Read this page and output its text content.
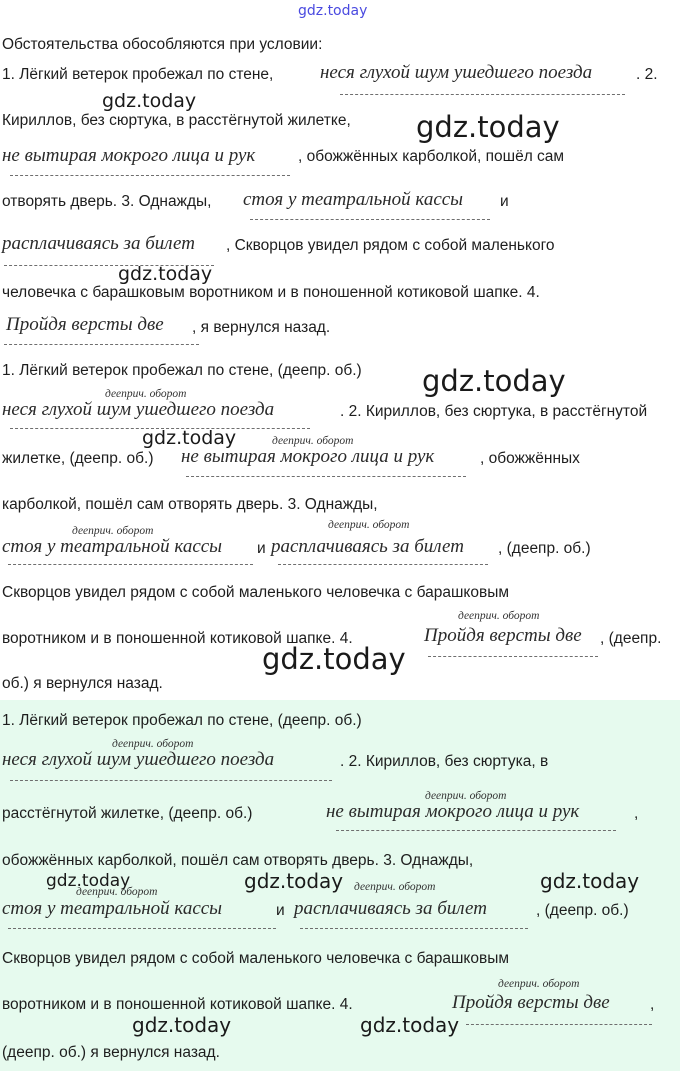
gdz.today
Обстоятельства обособляются при условии:
1. Лёгкий ветерок пробежал по стене, неся глухой шум ушедшего поезда	. 2.
gdz.today
Кириллов, без сюртука, в расстёгнутой жилетке, gdz.today
не вытирая мокрого лица и рук	, обожжённых карболкой, пошёл сам
отворять дверь. 3. Однажды, стоя у театральной кассы и
расплачиваясь за билет , Скворцов увидел рядом с собой маленького
gdz.today
человечка с барашковым воротником и в поношенной котиковой шапке. 4.
Пройдя версты две , я вернулся назад.
1. Лёгкий ветерок пробежал по стене, (деепр. об.) gdz.today
дееприч. оборот
неся глухой шум ушедшего поезда	. 2. Кириллов, без сюртука, в расстёгнутой
gdz.today	дееприч. оборот
жилетке, (деепр. об.) не вытирая мокрого лица и рук	, обожжённых
карболкой, пошёл сам отворять дверь. 3. Однажды,
дееприч. оборот	дееприч. оборот
стоя у театральной кассы и расплачиваясь за билет , (деепр. об.)
Скворцов увидел рядом с собой маленького человечка с барашковым
дееприч. оборот
воротником и в поношенной котиковой шапке. 4.	Пройдя версты две , (деепр.
gdz.today
об.) я вернулся назад.
1. Лёгкий ветерок пробежал по стене, (деепр. об.)
дееприч. оборот
неся глухой шум ушедшего поезда	. 2. Кириллов, без сюртука, в
дееприч. оборот
расстёгнутой жилетке, (деепр. об.)	не вытирая мокрого лица и рук	,
обожжённых карболкой, пошёл сам отворять дверь. 3. Однажды,
gdz.today	gdz.today	gdz.today
дееприч. оборот	дееприч. оборот
стоя у театральной кассы	и расплачиваясь за билет	, (деепр. об.)
Скворцов увидел рядом с собой маленького человечка с барашковым
дееприч. оборот
воротником и в поношенной котиковой шапке. 4.	Пройдя версты две	,
gdz.today	gdz.today
(деепр. об.) я вернулся назад.
